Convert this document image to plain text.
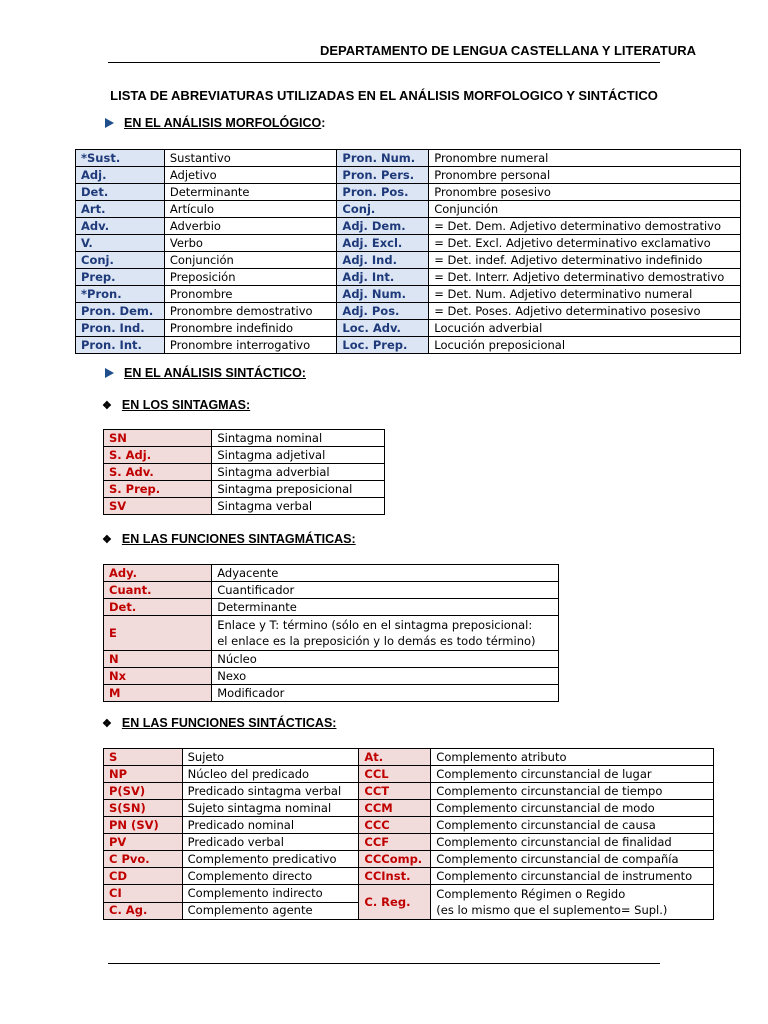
DEPARTAMENTO DE LENGUA CASTELLANA Y LITERATURA
LISTA DE ABREVIATURAS UTILIZADAS EN EL ANÁLISIS MORFOLOGICO Y SINTÁCTICO
EN EL ANÁLISIS MORFOLÓGICO:
*Sust.	Sustantivo	Pron. Num.	Pronombre numeral
Adj.	Adjetivo	Pron. Pers.	Pronombre personal
Det.	Determinante	Pron. Pos.	Pronombre posesivo
Art.	Artículo	Conj.	Conjunción
Adv.	Adverbio	Adj. Dem.	= Det. Dem. Adjetivo determinativo demostrativo
V.	Verbo	Adj. Excl.	= Det. Excl. Adjetivo determinativo exclamativo
Conj.	Conjunción	Adj. Ind.	= Det. indef. Adjetivo determinativo indefinido
Prep.	Preposición	Adj. Int.	= Det. Interr. Adjetivo determinativo demostrativo
*Pron.	Pronombre	Adj. Num.	= Det. Num. Adjetivo determinativo numeral
Pron. Dem.	Pronombre demostrativo	Adj. Pos.	= Det. Poses. Adjetivo determinativo posesivo
Pron. Ind.	Pronombre indefinido	Loc. Adv.	Locución adverbial
Pron. Int.	Pronombre interrogativo	Loc. Prep.	Locución preposicional
EN EL ANÁLISIS SINTÁCTICO:
❖ EN LOS SINTAGMAS:
SN	Sintagma nominal
S. Adj.	Sintagma adjetival
S. Adv.	Sintagma adverbial
S. Prep.	Sintagma preposicional
SV	Sintagma verbal
❖ EN LAS FUNCIONES SINTAGMÁTICAS:
Ady.	Adyacente
Cuant.	Cuantificador
Det.	Determinante
E	Enlace y T: término (sólo en el sintagma preposicional:
el enlace es la preposición y lo demás es todo término)

N	Núcleo
Nx	Nexo
M	Modificador
❖ EN LAS FUNCIONES SINTÁCTICAS:
S	Sujeto	At.	Complemento atributo
NP	Núcleo del predicado	CCL	Complemento circunstancial de lugar
P(SV)	Predicado sintagma verbal	CCT	Complemento circunstancial de tiempo
S(SN)	Sujeto sintagma nominal	CCM	Complemento circunstancial de modo
PN (SV)	Predicado nominal	CCC	Complemento circunstancial de causa
PV	Predicado verbal	CCF	Complemento circunstancial de finalidad
C Pvo.	Complemento predicativo	CCComp.	Complemento circunstancial de compañía
CD	Complemento directo	CCInst.	Complemento circunstancial de instrumento
CI	Complemento indirecto	C. Reg.	Complemento Régimen o Regido
(es lo mismo que el suplemento= Supl.)

C. Ag.	Complemento agente		
